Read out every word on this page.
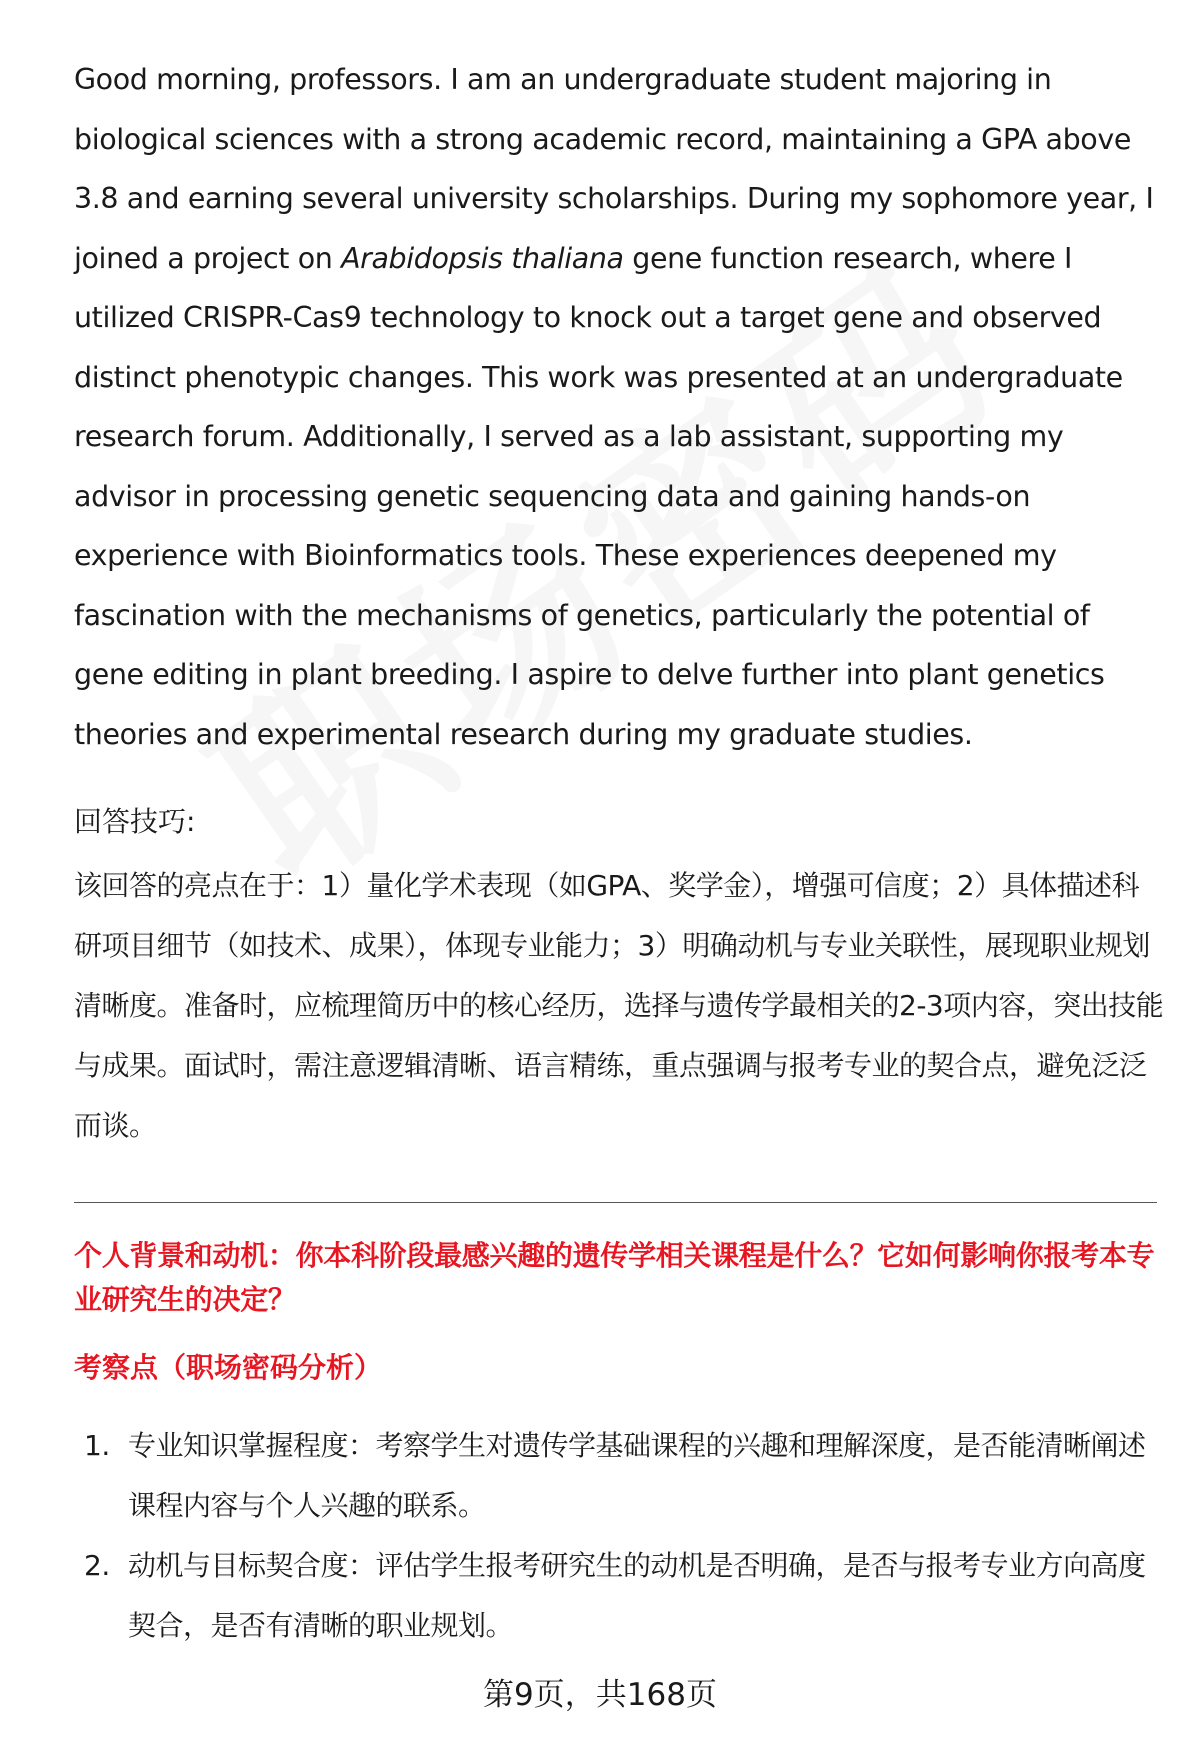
Good morning, professors. I am an undergraduate student majoring in biological sciences with a strong academic record, maintaining a GPA above 3.8 and earning several university scholarships. During my sophomore year, I joined a project on Arabidopsis thaliana gene function research, where I utilized CRISPR-Cas9 technology to knock out a target gene and observed distinct phenotypic changes. This work was presented at an undergraduate research forum. Additionally, I served as a lab assistant, supporting my advisor in processing genetic sequencing data and gaining hands-on experience with Bioinformatics tools. These experiences deepened my fascination with the mechanisms of genetics, particularly the potential of gene editing in plant breeding. I aspire to delve further into plant genetics theories and experimental research during my graduate studies.

回答技巧:

该回答的亮点在于：1）量化学术表现（如GPA、奖学金），增强可信度；2）具体描述科研项目细节（如技术、成果），体现专业能力；3）明确动机与专业关联性，展现职业规划清晰度。准备时，应梳理简历中的核心经历，选择与遗传学最相关的2-3项内容，突出技能与成果。面试时，需注意逻辑清晰、语言精练，重点强调与报考专业的契合点，避免泛泛而谈。

个人背景和动机：你本科阶段最感兴趣的遗传学相关课程是什么？它如何影响你报考本专业研究生的决定？

考察点（职场密码分析）

1. 专业知识掌握程度：考察学生对遗传学基础课程的兴趣和理解深度，是否能清晰阐述课程内容与个人兴趣的联系。
2. 动机与目标契合度：评估学生报考研究生的动机是否明确，是否与报考专业方向高度契合，是否有清晰的职业规划。
第9页，共168页
